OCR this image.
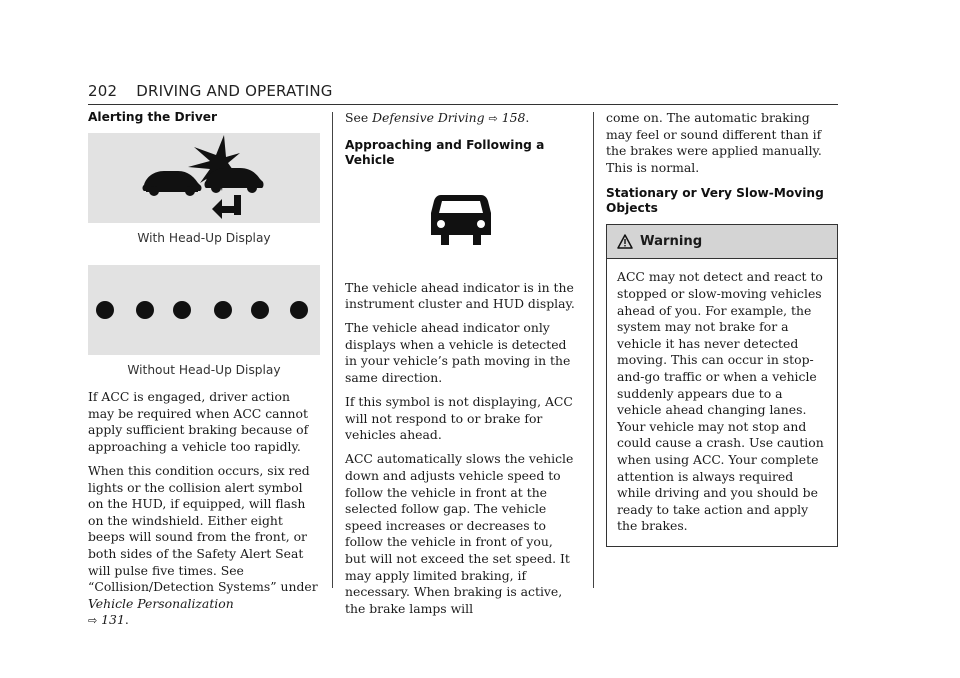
202 DRIVING AND OPERATING
Alerting the Driver
With Head-Up Display
Without Head-Up Display

If ACC is engaged, driver action may be required when ACC cannot apply sufficient braking because of approaching a vehicle too rapidly.

When this condition occurs, six red lights or the collision alert symbol on the HUD, if equipped, will flash on the windshield. Either eight beeps will sound from the front, or both sides of the Safety Alert Seat will pulse five times. See “Collision/Detection Systems” under Vehicle Personalization
⇨ 131.

See Defensive Driving ⇨ 158.

Approaching and Following a Vehicle

The vehicle ahead indicator is in the instrument cluster and HUD display.

The vehicle ahead indicator only displays when a vehicle is detected in your vehicle’s path moving in the same direction.

If this symbol is not displaying, ACC will not respond to or brake for vehicles ahead.

ACC automatically slows the vehicle down and adjusts vehicle speed to follow the vehicle in front at the selected follow gap. The vehicle speed increases or decreases to follow the vehicle in front of you, but will not exceed the set speed. It may apply limited braking, if necessary. When braking is active, the brake lamps will

come on. The automatic braking may feel or sound different than if the brakes were applied manually. This is normal.

Stationary or Very Slow-Moving Objects
Warning

ACC may not detect and react to stopped or slow-moving vehicles ahead of you. For example, the system may not brake for a vehicle it has never detected moving. This can occur in stop-and-go traffic or when a vehicle suddenly appears due to a vehicle ahead changing lanes. Your vehicle may not stop and could cause a crash. Use caution when using ACC. Your complete attention is always required while driving and you should be ready to take action and apply the brakes.
